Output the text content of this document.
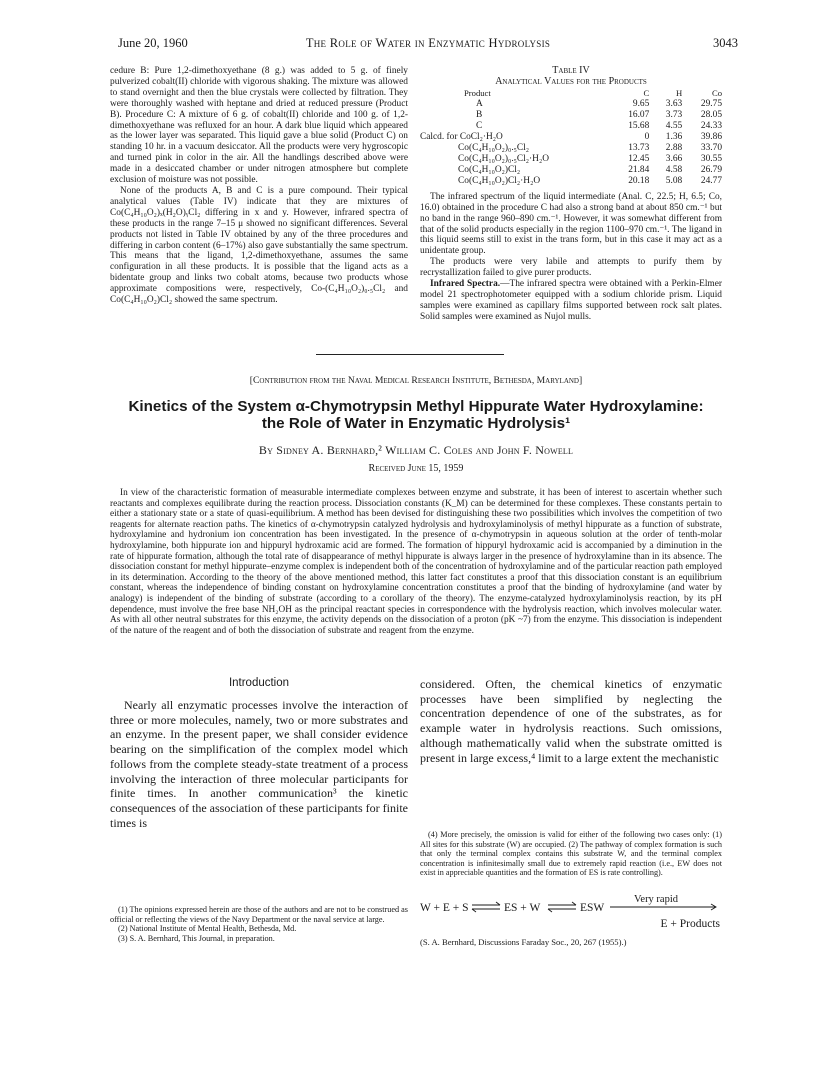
June 20, 1960	The Role of Water in Enzymatic Hydrolysis	3043

cedure B: Pure 1,2-dimethoxyethane (8 g.) was added to 5 g. of finely pulverized cobalt(II) chloride with vigorous shaking. The mixture was allowed to stand overnight and then the blue crystals were collected by filtration. They were thoroughly washed with heptane and dried at reduced pressure (Product B). Procedure C: A mixture of 6 g. of cobalt(II) chloride and 100 g. of 1,2-dimethoxyethane was refluxed for an hour. A dark blue liquid which appeared as the lower layer was separated. This liquid gave a blue solid (Product C) on standing 10 hr. in a vacuum desiccator. All the products were very hygroscopic and turned pink in color in the air. All the handlings described above were made in a desiccated chamber or under nitrogen atmosphere but complete exclusion of moisture was not possible.

None of the products A, B and C is a pure compound. Their typical analytical values (Table IV) indicate that they are mixtures of Co(C₄H₁₀O₂)ₓ(H₂O)ᵧCl₂ differing in x and y. However, infrared spectra of these products in the range 7–15 μ showed no significant differences. Several products not listed in Table IV obtained by any of the three procedures and differing in carbon content (6–17%) also gave substantially the same spectrum. This means that the ligand, 1,2-dimethoxyethane, assumes the same configuration in all these products. It is possible that the ligand acts as a bidentate group and links two cobalt atoms, because two products whose approximate compositions were, respectively, Co-(C₄H₁₀O₂)₀.₅Cl₂ and Co(C₄H₁₀O₂)Cl₂ showed the same spectrum.

Table IV
Analytical Values for the Products
Product	C	H	Co
A	9.65	3.63	29.75
B	16.07	3.73	28.05
C	15.68	4.55	24.33
Calcd. for CoCl₂·H₂O	0	1.36	39.86
Co(C₄H₁₀O₂)₀.₅Cl₂	13.73	2.88	33.70
Co(C₄H₁₀O₂)₀.₅Cl₂·H₂O	12.45	3.66	30.55
Co(C₄H₁₀O₂)Cl₂	21.84	4.58	26.79
Co(C₄H₁₀O₂)Cl₂·H₂O	20.18	5.08	24.77

The infrared spectrum of the liquid intermediate (Anal. C, 22.5; H, 6.5; Co, 16.0) obtained in the procedure C had also a strong band at about 850 cm.⁻¹ but no band in the range 960–890 cm.⁻¹. However, it was somewhat different from that of the solid products especially in the region 1100–970 cm.⁻¹. The ligand in this liquid seems still to exist in the trans form, but in this case it may act as a unidentate group.

The products were very labile and attempts to purify them by recrystallization failed to give purer products.

Infrared Spectra.—The infrared spectra were obtained with a Perkin-Elmer model 21 spectrophotometer equipped with a sodium chloride prism. Liquid samples were examined as capillary films supported between rock salt plates. Solid samples were examined as Nujol mulls.

[Contribution from the Naval Medical Research Institute, Bethesda, Maryland]
Kinetics of the System α-Chymotrypsin Methyl Hippurate Water Hydroxylamine:
the Role of Water in Enzymatic Hydrolysis¹
By Sidney A. Bernhard,² William C. Coles and John F. Nowell
Received June 15, 1959
In view of the characteristic formation of measurable intermediate complexes between enzyme and substrate, it has been of interest to ascertain whether such reactants and complexes equilibrate during the reaction process. Dissociation constants (K_M) can be determined for these complexes. These constants pertain to either a stationary state or a state of quasi-equilibrium. A method has been devised for distinguishing these two possibilities which involves the competition of two reagents for alternate reaction paths. The kinetics of α-chymotrypsin catalyzed hydrolysis and hydroxylaminolysis of methyl hippurate as a function of substrate, hydroxylamine and hydronium ion concentration has been investigated. In the presence of α-chymotrypsin in aqueous solution at the order of tenth-molar hydroxylamine, both hippurate ion and hippuryl hydroxamic acid are formed. The formation of hippuryl hydroxamic acid is accompanied by a diminution in the rate of hippurate formation, although the total rate of disappearance of methyl hippurate is always larger in the presence of hydroxylamine than in its absence. The dissociation constant for methyl hippurate–enzyme complex is independent both of the concentration of hydroxylamine and of the particular reaction path employed in its determination. According to the theory of the above mentioned method, this latter fact constitutes a proof that this dissociation constant is an equilibrium constant, whereas the independence of binding constant on hydroxylamine concentration constitutes a proof that the binding of hydroxylamine (and water by analogy) is independent of the binding of substrate (according to a corollary of the theory). The enzyme-catalyzed hydroxylaminolysis reaction, by its pH dependence, must involve the free base NH₂OH as the principal reactant species in correspondence with the hydrolysis reaction, which involves molecular water. As with all other neutral substrates for this enzyme, the activity depends on the dissociation of a proton (pK ~7) from the enzyme. This dissociation is independent of the nature of the reagent and of both the dissociation of substrate and reagent from the enzyme.
Introduction
Nearly all enzymatic processes involve the interaction of three or more molecules, namely, two or more substrates and an enzyme. In the present paper, we shall consider evidence bearing on the simplification of the complex model which follows from the complete steady-state treatment of a process involving the interaction of three molecular participants for finite times. In another communication³ the kinetic consequences of the association of these participants for finite times is

(1) The opinions expressed herein are those of the authors and are not to be construed as official or reflecting the views of the Navy Department or the naval service at large.

(2) National Institute of Mental Health, Bethesda, Md.

(3) S. A. Bernhard, This Journal, in preparation.

considered. Often, the chemical kinetics of enzymatic processes have been simplified by neglecting the concentration dependence of one of the substrates, as for example water in hydrolysis reactions. Such omissions, although mathematically valid when the substrate omitted is present in large excess,⁴ limit to a large extent the mechanistic

(4) More precisely, the omission is valid for either of the following two cases only: (1) All sites for this substrate (W) are occupied. (2) The pathway of complex formation is such that only the terminal complex contains this substrate W, and the terminal complex concentration is infinitesimally small due to extremely rapid reaction (i.e., EW does not exist in appreciable quantities and the formation of ES is rate controlling).

W + E + S	ES + W	ESW
Very rapid
E + Products
(S. A. Bernhard, Discussions Faraday Soc., 20, 267 (1955).)
